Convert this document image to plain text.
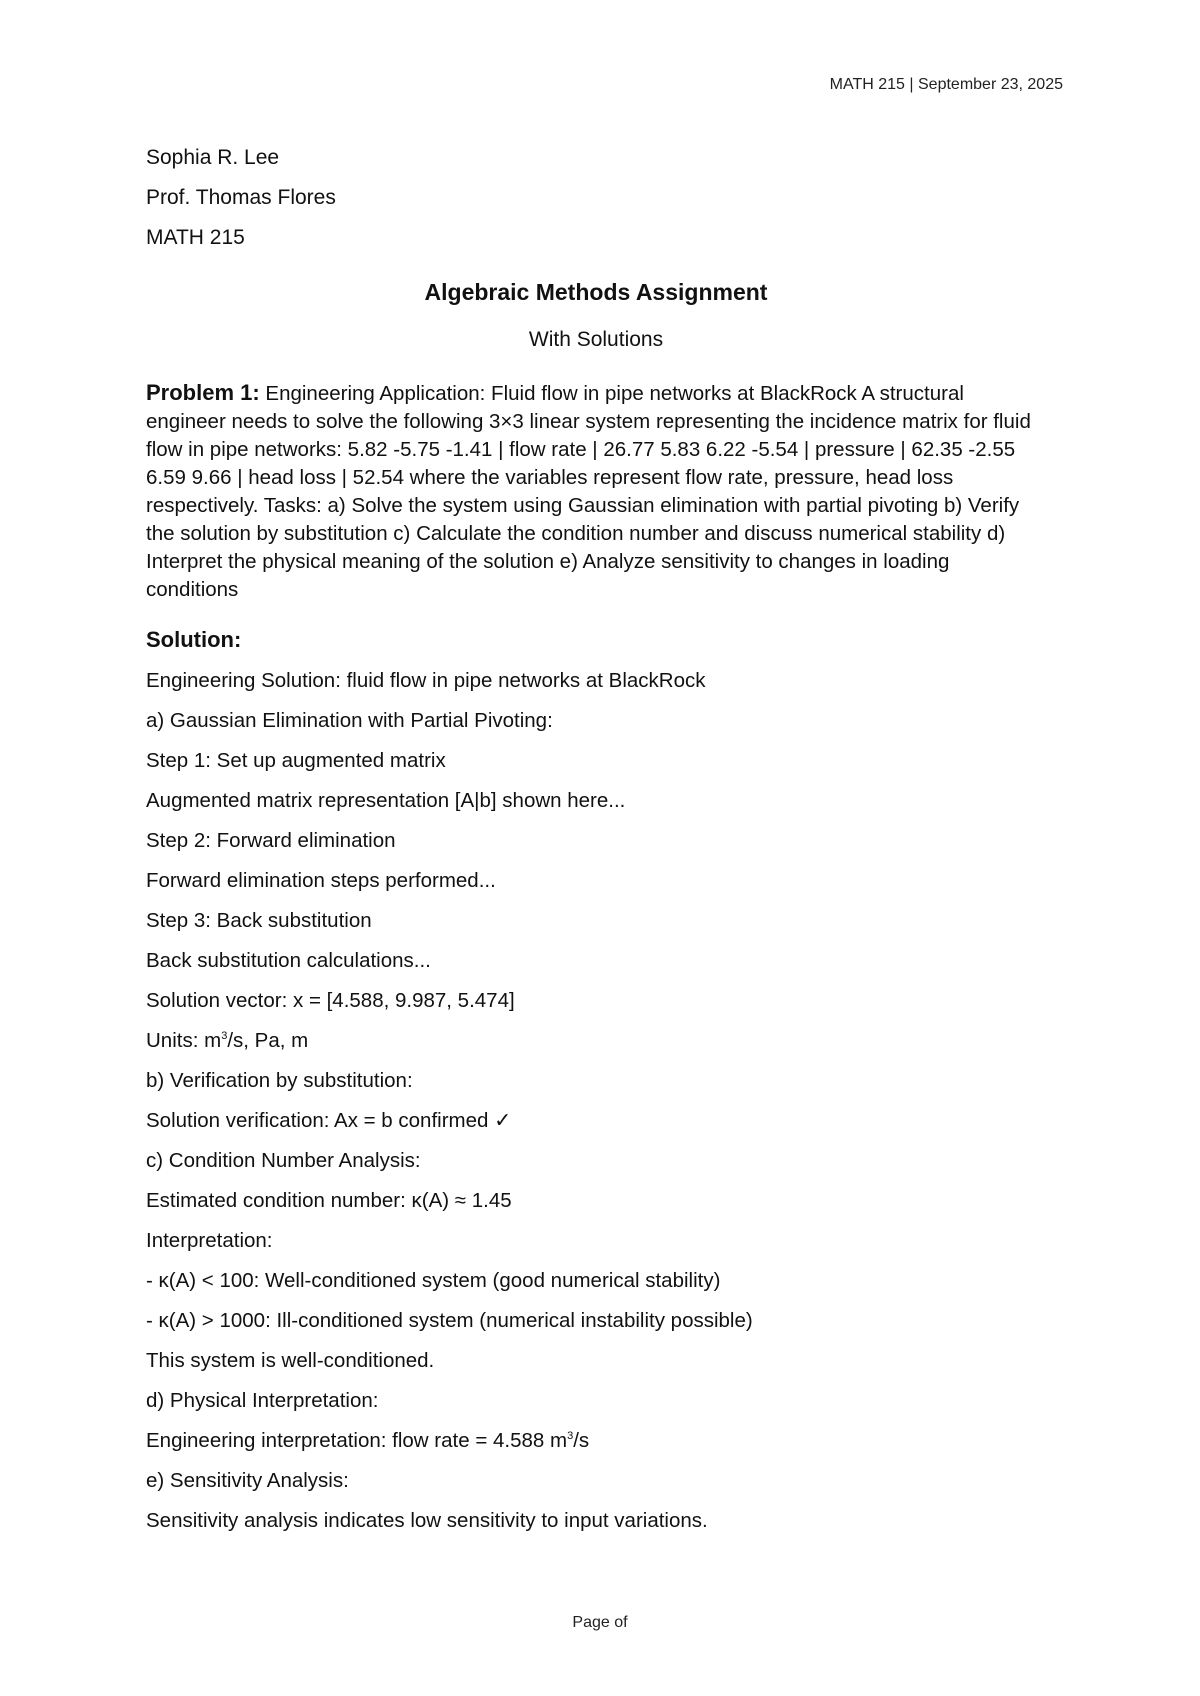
MATH 215 | September 23, 2025

Sophia R. Lee

Prof. Thomas Flores

MATH 215

Algebraic Methods Assignment

With Solutions

Problem 1: Engineering Application: Fluid flow in pipe networks at BlackRock A structural engineer needs to solve the following 3×3 linear system representing the incidence matrix for fluid flow in pipe networks: 5.82 -5.75 -1.41 | flow rate | 26.77 5.83 6.22 -5.54 | pressure | 62.35 -2.55 6.59 9.66 | head loss | 52.54 where the variables represent flow rate, pressure, head loss respectively. Tasks: a) Solve the system using Gaussian elimination with partial pivoting b) Verify the solution by substitution c) Calculate the condition number and discuss numerical stability d) Interpret the physical meaning of the solution e) Analyze sensitivity to changes in loading conditions

Solution:

Engineering Solution: fluid flow in pipe networks at BlackRock

a) Gaussian Elimination with Partial Pivoting:

Step 1: Set up augmented matrix

Augmented matrix representation [A|b] shown here...

Step 2: Forward elimination

Forward elimination steps performed...

Step 3: Back substitution

Back substitution calculations...

Solution vector: x = [4.588, 9.987, 5.474]

Units: $m^3/s$, Pa, m

b) Verification by substitution:

Solution verification: Ax = b confirmed ✓

c) Condition Number Analysis:

Estimated condition number: κ(A) ≈ 1.45

Interpretation:

- κ(A) < 100: Well-conditioned system (good numerical stability)

- κ(A) > 1000: Ill-conditioned system (numerical instability possible)

This system is well-conditioned.

d) Physical Interpretation:

Engineering interpretation: flow rate = 4.588 $m^3/s$

e) Sensitivity Analysis:

Sensitivity analysis indicates low sensitivity to input variations.

Page of
